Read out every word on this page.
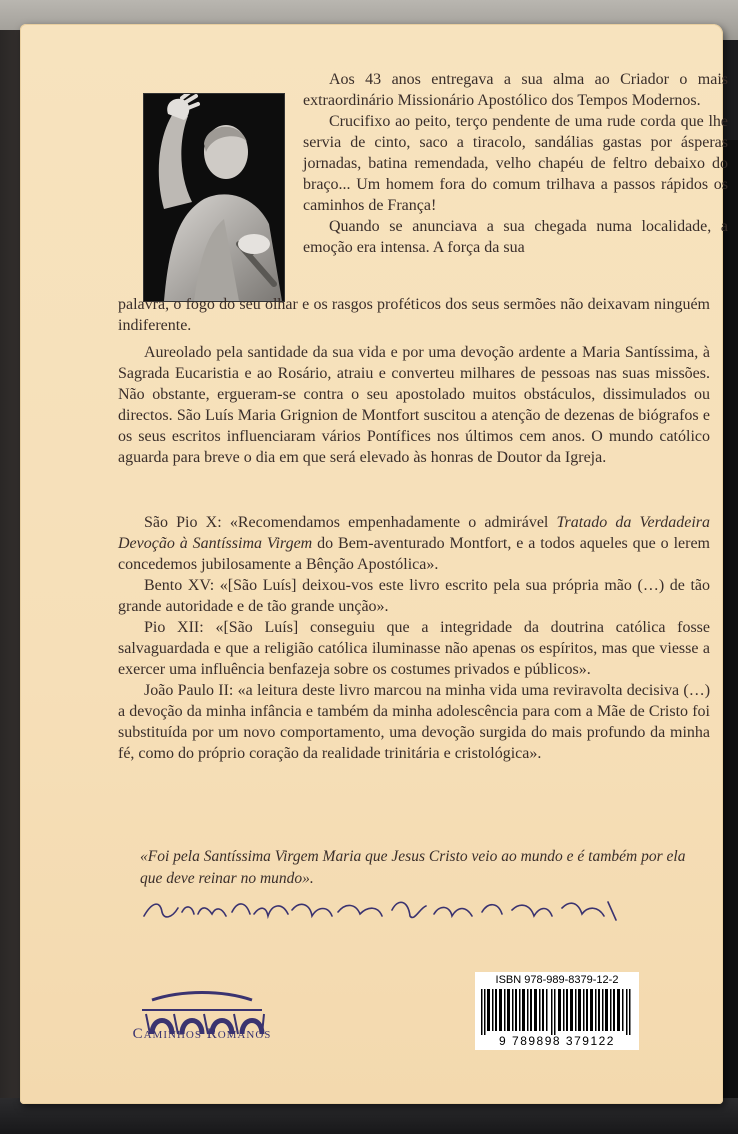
Aos 43 anos entregava a sua alma ao Criador o mais extraordinário Missionário Apostólico dos Tempos Modernos.

Crucifixo ao peito, terço pendente de uma rude corda que lhe servia de cinto, saco a tiracolo, sandálias gastas por ásperas jornadas, batina remendada, velho chapéu de feltro debaixo do braço... Um homem fora do comum trilhava a passos rápidos os caminhos de França!

Quando se anunciava a sua chegada numa localidade, a emoção era intensa. A força da sua

palavra, o fogo do seu olhar e os rasgos proféticos dos seus sermões não deixavam ninguém indiferente.

Aureolado pela santidade da sua vida e por uma devoção ardente a Maria Santíssima, à Sagrada Eucaristia e ao Rosário, atraiu e converteu milhares de pessoas nas suas missões. Não obstante, ergueram-se contra o seu apostolado muitos obstáculos, dissimulados ou directos. São Luís Maria Grignion de Montfort suscitou a atenção de dezenas de biógrafos e os seus escritos influenciaram vários Pontífices nos últimos cem anos. O mundo católico aguarda para breve o dia em que será elevado às honras de Doutor da Igreja.

São Pio X: «Recomendamos empenhadamente o admirável Tratado da Verdadeira Devoção à Santíssima Virgem do Bem-aventurado Montfort, e a todos aqueles que o lerem concedemos jubilosamente a Bênção Apostólica».

Bento XV: «[São Luís] deixou-vos este livro escrito pela sua própria mão (…) de tão grande autoridade e de tão grande unção».

Pio XII: «[São Luís] conseguiu que a integridade da doutrina católica fosse salvaguardada e que a religião católica iluminasse não apenas os espíritos, mas que viesse a exercer uma influência benfazeja sobre os costumes privados e públicos».

João Paulo II: «a leitura deste livro marcou na minha vida uma reviravolta decisiva (…) a devoção da minha infância e também da minha adolescência para com a Mãe de Cristo foi substituída por um novo comportamento, uma devoção surgida do mais profundo da minha fé, como do próprio coração da realidade trinitária e cristológica».

«Foi pela Santíssima Virgem Maria que Jesus Cristo veio ao mundo e é também por ela que deve reinar no mundo».
Caminhos Romanos
ISBN 978-989-8379-12-2
9 789898 379122
